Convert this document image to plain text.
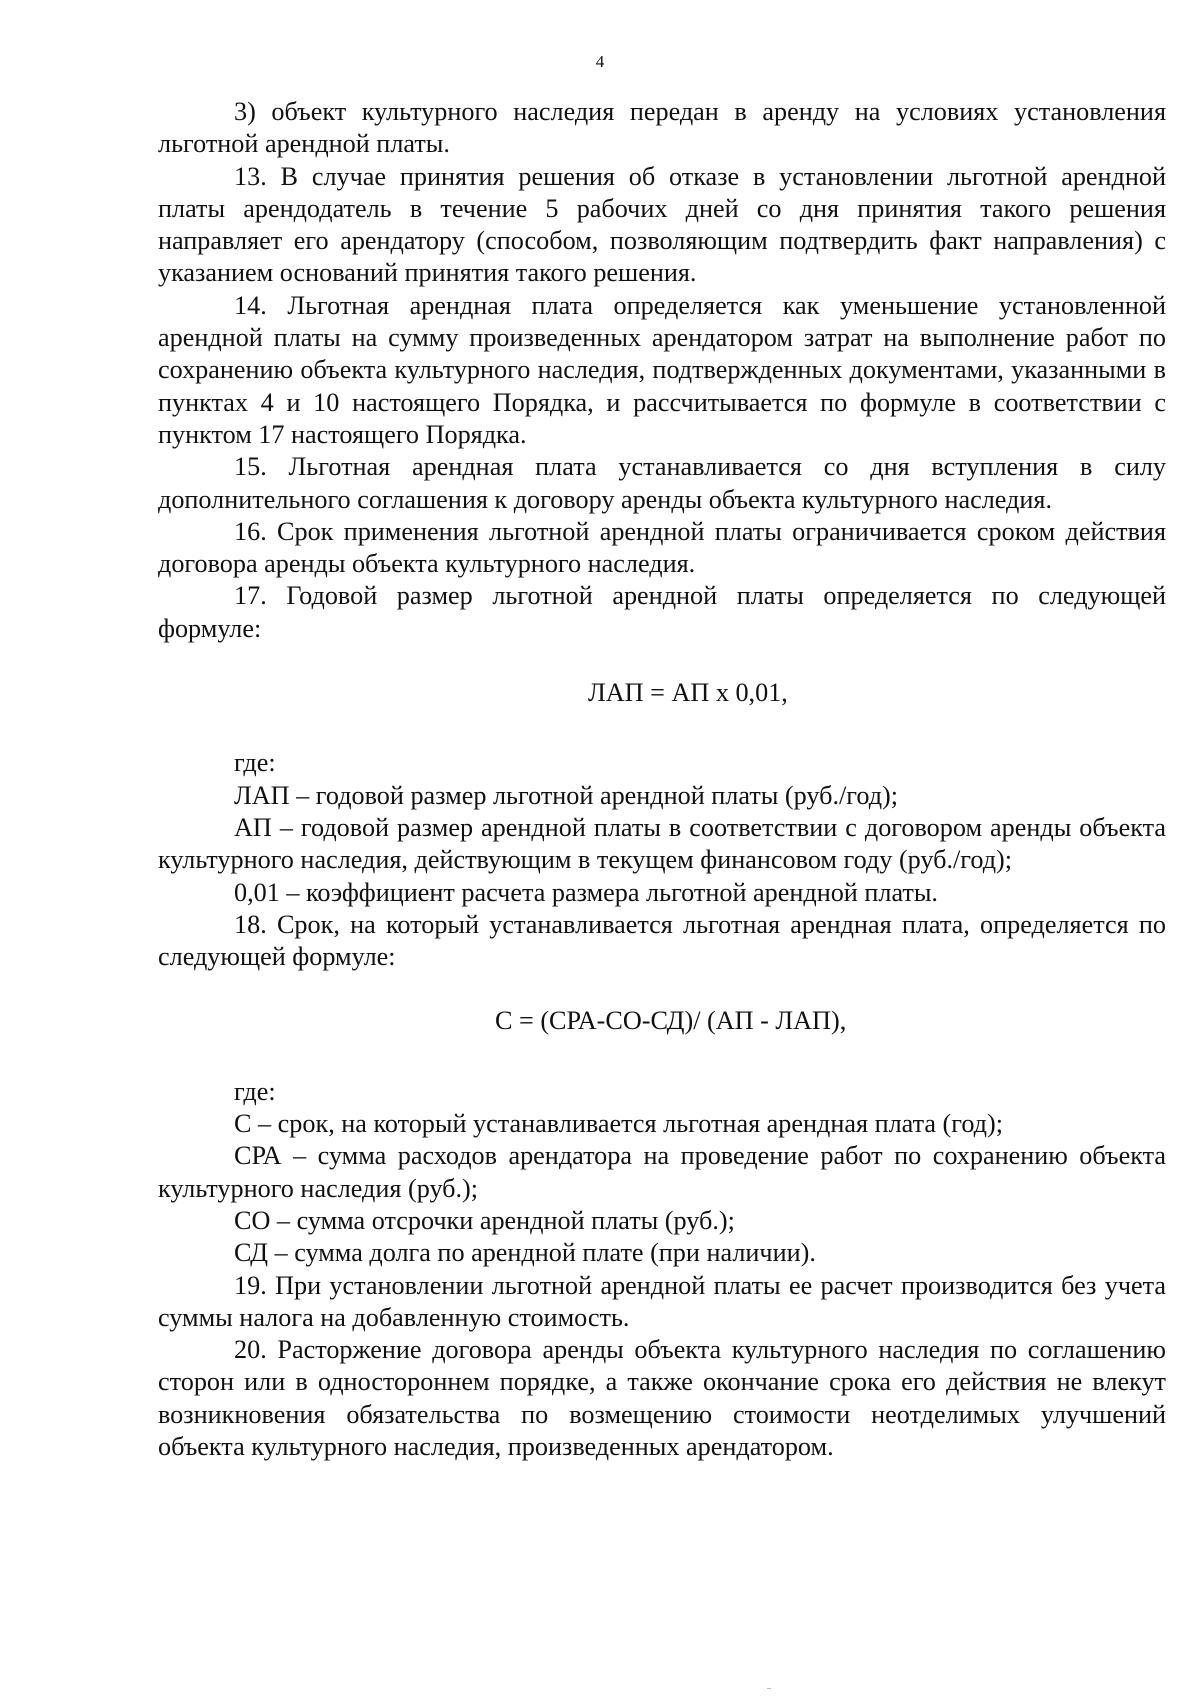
4

3) объект культурного наследия передан в аренду на условиях установления льготной арендной платы.

13. В случае принятия решения об отказе в установлении льготной арендной платы арендодатель в течение 5 рабочих дней со дня принятия такого решения направляет его арендатору (способом, позволяющим подтвердить факт направления) с указанием оснований принятия такого решения.

14. Льготная арендная плата определяется как уменьшение установленной арендной платы на сумму произведенных арендатором затрат на выполнение работ по сохранению объекта культурного наследия, подтвержденных документами, указанными в пунктах 4 и 10 настоящего Порядка, и рассчитывается по формуле в соответствии с пунктом 17 настоящего Порядка.

15. Льготная арендная плата устанавливается со дня вступления в силу дополнительного соглашения к договору аренды объекта культурного наследия.

16. Срок применения льготной арендной платы ограничивается сроком действия договора аренды объекта культурного наследия.

17. Годовой размер льготной арендной платы определяется по следующей формуле:

ЛАП = АП х 0,01,

где:

ЛАП – годовой размер льготной арендной платы (руб./год);

АП – годовой размер арендной платы в соответствии с договором аренды объекта культурного наследия, действующим в текущем финансовом году (руб./год);

0,01 – коэффициент расчета размера льготной арендной платы.

18. Срок, на который устанавливается льготная арендная плата, определяется по следующей формуле:

С = (СРА-СО-СД)/ (АП - ЛАП),

где:

С – срок, на который устанавливается льготная арендная плата (год);

СРА – сумма расходов арендатора на проведение работ по сохранению объекта культурного наследия (руб.);

СО – сумма отсрочки арендной платы (руб.);

СД – сумма долга по арендной плате (при наличии).

19. При установлении льготной арендной платы ее расчет производится без учета суммы налога на добавленную стоимость.

20. Расторжение договора аренды объекта культурного наследия по соглашению сторон или в одностороннем порядке, а также окончание срока его действия не влекут возникновения обязательства по возмещению стоимости неотделимых улучшений объекта культурного наследия, произведенных арендатором.
